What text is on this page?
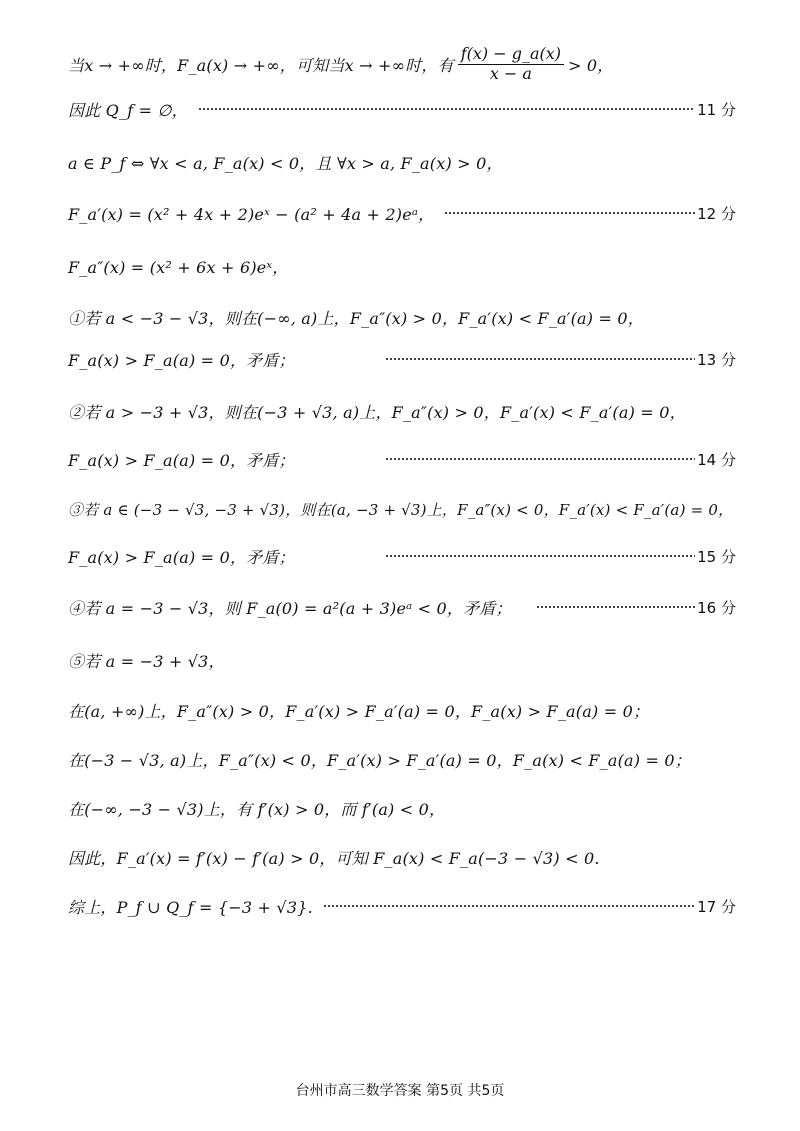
当x → +∞时，F_a(x) → +∞，可知当x → +∞时，有 $\frac{f(x) - g\_a(x)}{x - a} > 0$，
因此 Q_f = ∅，	11 分
a ∈ P_f ⇔ ∀x < a, F_a(x) < 0，且 ∀x > a, F_a(x) > 0，
F_a′(x) = (x² + 4x + 2)eˣ − (a² + 4a + 2)eᵃ，	12 分
F_a″(x) = (x² + 6x + 6)eˣ，
①若 a < −3 − √3，则在(−∞, a)上，F_a″(x) > 0，F_a′(x) < F_a′(a) = 0，
F_a(x) > F_a(a) = 0，矛盾；	13 分
②若 a > −3 + √3，则在(−3 + √3, a)上，F_a″(x) > 0，F_a′(x) < F_a′(a) = 0，
F_a(x) > F_a(a) = 0，矛盾；	14 分
③若 a ∈ (−3 − √3, −3 + √3)，则在(a, −3 + √3)上，F_a″(x) < 0，F_a′(x) < F_a′(a) = 0，
F_a(x) > F_a(a) = 0，矛盾；	15 分
④若 a = −3 − √3，则 F_a(0) = a²(a + 3)eᵃ < 0，矛盾；	16 分
⑤若 a = −3 + √3，
在(a, +∞)上，F_a″(x) > 0，F_a′(x) > F_a′(a) = 0，F_a(x) > F_a(a) = 0；
在(−3 − √3, a)上，F_a″(x) < 0，F_a′(x) > F_a′(a) = 0，F_a(x) < F_a(a) = 0；
在(−∞, −3 − √3)上，有 f′(x) > 0，而 f′(a) < 0，
因此，F_a′(x) = f′(x) − f′(a) > 0，可知 F_a(x) < F_a(−3 − √3) < 0.
综上，P_f ∪ Q_f = {−3 + √3}.	17 分
台州市高三数学答案 第5页 共5页
